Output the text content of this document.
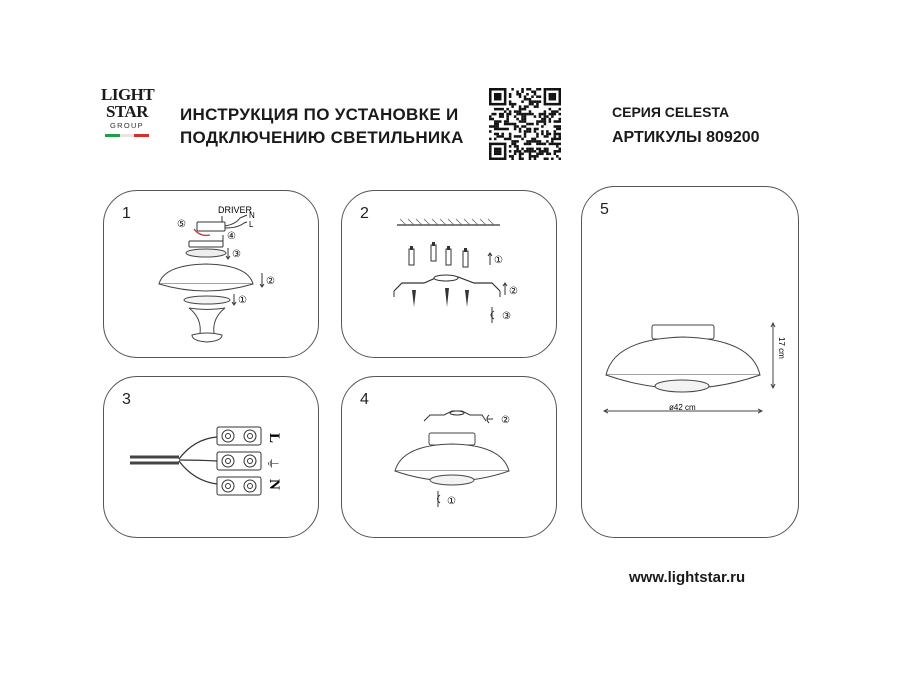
LIGHT
STAR
GROUP
ИНСТРУКЦИЯ ПО УСТАНОВКЕ И
ПОДКЛЮЧЕНИЮ СВЕТИЛЬНИКА
СЕРИЯ CELESTA
АРТИКУЛЫ 809200
1	DRIVER
N
L
⑤
④
③
②
①
2
①
②
③
5
17 cm
ø42 cm
3
L
⏚
N
4
②
①
www.lightstar.ru
